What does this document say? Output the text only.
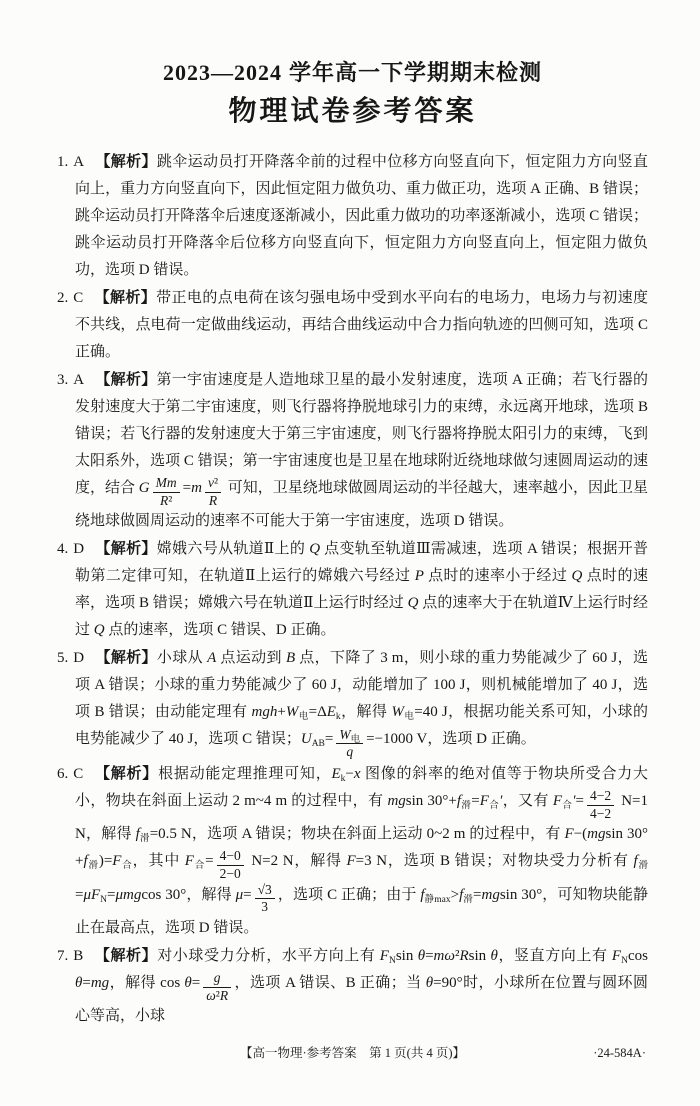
2023—2024 学年高一下学期期末检测
物理试卷参考答案
1. A 【解析】跳伞运动员打开降落伞前的过程中位移方向竖直向下，恒定阻力方向竖直向上，重力方向竖直向下，因此恒定阻力做负功、重力做正功，选项 A 正确、B 错误；跳伞运动员打开降落伞后速度逐渐减小，因此重力做功的功率逐渐减小，选项 C 错误；跳伞运动员打开降落伞后位移方向竖直向下，恒定阻力方向竖直向上，恒定阻力做负功，选项 D 错误。
2. C 【解析】带正电的点电荷在该匀强电场中受到水平向右的电场力，电场力与初速度不共线，点电荷一定做曲线运动，再结合曲线运动中合力指向轨迹的凹侧可知，选项 C 正确。
3. A 【解析】第一宇宙速度是人造地球卫星的最小发射速度，选项 A 正确；若飞行器的发射速度大于第二宇宙速度，则飞行器将挣脱地球引力的束缚，永远离开地球，选项 B 错误；若飞行器的发射速度大于第三宇宙速度，则飞行器将挣脱太阳引力的束缚，飞到太阳系外，选项 C 错误；第一宇宙速度也是卫星在地球附近绕地球做匀速圆周运动的速度，结合 G $\frac{Mm}{\text{R²}} =m \frac{\text{v²}}{R}$ 可知，卫星绕地球做圆周运动的半径越大，速率越小，因此卫星绕地球做圆周运动的速率不可能大于第一宇宙速度，选项 D 错误。
4. D 【解析】嫦娥六号从轨道Ⅱ上的 Q 点变轨至轨道Ⅲ需减速，选项 A 错误；根据开普勒第二定律可知，在轨道Ⅱ上运行的嫦娥六号经过 P 点时的速率小于经过 Q 点时的速率，选项 B 错误；嫦娥六号在轨道Ⅱ上运行时经过 Q 点的速率大于在轨道Ⅳ上运行时经过 Q 点的速率，选项 C 错误、D 正确。
5. D 【解析】小球从 A 点运动到 B 点，下降了 3 m，则小球的重力势能减少了 60 J，选项 A 错误；小球的重力势能减少了 60 J，动能增加了 100 J，则机械能增加了 40 J，选项 B 错误；由动能定理有 $mgh+W_电=\Delta E_k$，解得 $W_电=40$ J，根据功能关系可知，小球的电势能减少了 40 J，选项 C 错误；$U_{AB}= \frac{W_电}{q} =-1000$ V，选项 D 正确。
6. C 【解析】根据动能定理推理可知，$E_k-x$ 图像的斜率的绝对值等于物块所受合力大小，物块在斜面上运动 2 m~4 m 的过程中，有 mgsin $30^\circ+f_滑=F_合'$，又有 $F_合'= \frac{4-2}{4-2} N=1$ N，解得 $f_滑=0.5$ N，选项 A 错误；物块在斜面上运动 0~2 m 的过程中，有 F−(mgsin $30^\circ+f_滑)=F_合$，其中 $F_合= \frac{4-0}{2-0} N=2$ N，解得 F=3 N，选项 B 错误；对物块受力分析有 $f_滑=\mu F_N=\mu mgcos$ 30°，解得 $\mu= \frac{√3}{3}$ ，选项 C 正确；由于 $f_{静max}>f_滑=mgsin$ 30°，可知物块能静止在最高点，选项 D 错误。
7. B 【解析】对小球受力分析，水平方向上有 $F_N\sin$ θ=mω²Rsin θ，竖直方向上有 $F_N\cos$ θ=mg，解得 $\cos \theta= \frac{g}{\text{ω²R}}$ ，选项 A 错误、B 正确；当 θ=90°时，小球所在位置与圆环圆心等高，小球
【高一物理·参考答案　第 1 页(共 4 页)】	·24-584A·
